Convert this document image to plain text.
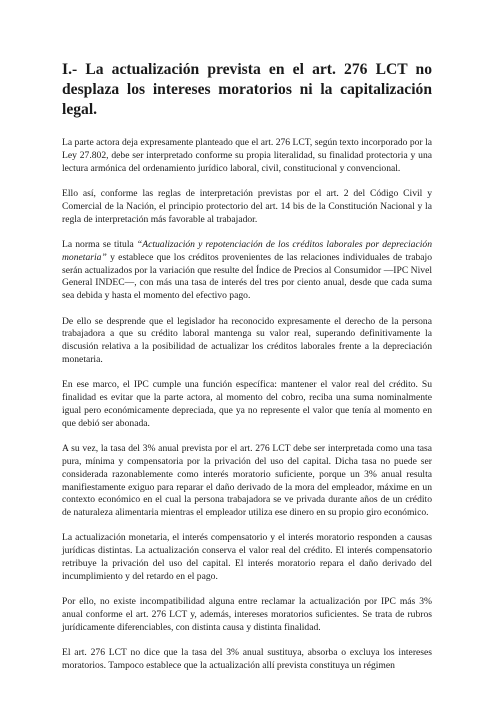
I.- La actualización prevista en el art. 276 LCT no desplaza los intereses moratorios ni la capitalización legal.

La parte actora deja expresamente planteado que el art. 276 LCT, según texto incorporado por la Ley 27.802, debe ser interpretado conforme su propia literalidad, su finalidad protectoria y una lectura armónica del ordenamiento jurídico laboral, civil, constitucional y convencional.

Ello así, conforme las reglas de interpretación previstas por el art. 2 del Código Civil y Comercial de la Nación, el principio protectorio del art. 14 bis de la Constitución Nacional y la regla de interpretación más favorable al trabajador.

La norma se titula “Actualización y repotenciación de los créditos laborales por depreciación monetaria” y establece que los créditos provenientes de las relaciones individuales de trabajo serán actualizados por la variación que resulte del Índice de Precios al Consumidor —IPC Nivel General INDEC—, con más una tasa de interés del tres por ciento anual, desde que cada suma sea debida y hasta el momento del efectivo pago.

De ello se desprende que el legislador ha reconocido expresamente el derecho de la persona trabajadora a que su crédito laboral mantenga su valor real, superando definitivamente la discusión relativa a la posibilidad de actualizar los créditos laborales frente a la depreciación monetaria.

En ese marco, el IPC cumple una función específica: mantener el valor real del crédito. Su finalidad es evitar que la parte actora, al momento del cobro, reciba una suma nominalmente igual pero económicamente depreciada, que ya no represente el valor que tenía al momento en que debió ser abonada.

A su vez, la tasa del 3% anual prevista por el art. 276 LCT debe ser interpretada como una tasa pura, mínima y compensatoria por la privación del uso del capital. Dicha tasa no puede ser considerada razonablemente como interés moratorio suficiente, porque un 3% anual resulta manifiestamente exiguo para reparar el daño derivado de la mora del empleador, máxime en un contexto económico en el cual la persona trabajadora se ve privada durante años de un crédito de naturaleza alimentaria mientras el empleador utiliza ese dinero en su propio giro económico.

La actualización monetaria, el interés compensatorio y el interés moratorio responden a causas jurídicas distintas. La actualización conserva el valor real del crédito. El interés compensatorio retribuye la privación del uso del capital. El interés moratorio repara el daño derivado del incumplimiento y del retardo en el pago.

Por ello, no existe incompatibilidad alguna entre reclamar la actualización por IPC más 3% anual conforme el art. 276 LCT y, además, intereses moratorios suficientes. Se trata de rubros jurídicamente diferenciables, con distinta causa y distinta finalidad.

El art. 276 LCT no dice que la tasa del 3% anual sustituya, absorba o excluya los intereses moratorios. Tampoco establece que la actualización allí prevista constituya un régimen
